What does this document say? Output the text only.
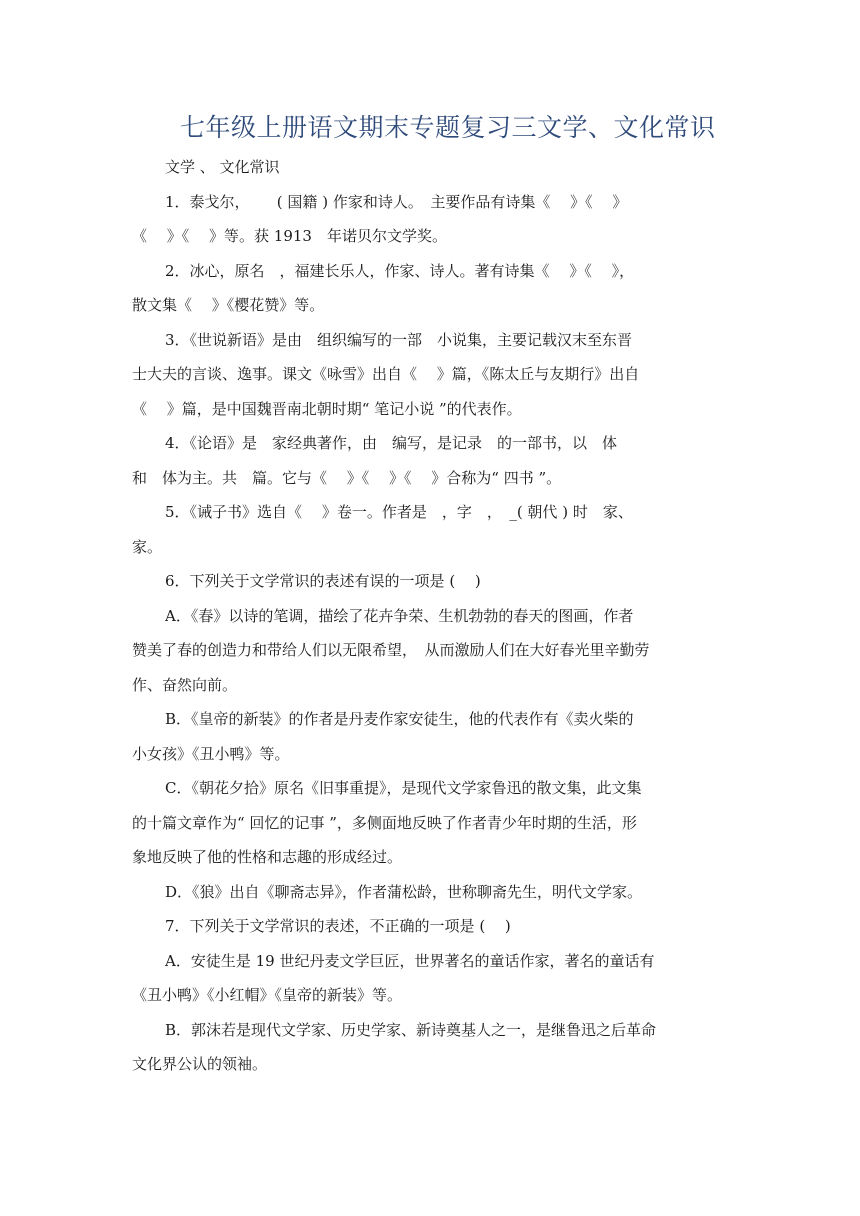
七年级上册语文期末专题复习三文学、文化常识
文学 、 文化常识
1．泰戈尔，　　 ( 国籍 ) 作家和诗人。　主要作品有诗集《　 》《　 》
《　 》《　 》等。获 1913　年诺贝尔文学奖。
2．冰心，原名　，福建长乐人，作家、诗人。著有诗集《　 》《　 》，
散文集《　 》《樱花赞》等。
3．《世说新语》是由　组织编写的一部　小说集，主要记载汉末至东晋
士大夫的言谈、逸事。课文《咏雪》出自《　 》篇，《陈太丘与友期行》出自
《　 》篇，是中国魏晋南北朝时期“ 笔记小说 ”的代表作。
4．《论语》是　家经典著作，由　编写，是记录　的一部书，以　体
和　体为主。共　篇。它与《　 》《　 》《　 》合称为“ 四书 ”。
5．《诫子书》选自《　 》卷一。作者是　，字　，　_( 朝代 ) 时　家、
家。
6．下列关于文学常识的表述有误的一项是 (　 )
A．《春》以诗的笔调，描绘了花卉争荣、生机勃勃的春天的图画，作者
赞美了春的创造力和带给人们以无限希望，　从而激励人们在大好春光里辛勤劳
作、奋然向前。
B．《皇帝的新装》的作者是丹麦作家安徒生，他的代表作有《卖火柴的
小女孩》《丑小鸭》等。
C．《朝花夕拾》原名《旧事重提》，是现代文学家鲁迅的散文集，此文集
的十篇文章作为“ 回忆的记事 ”，多侧面地反映了作者青少年时期的生活，形
象地反映了他的性格和志趣的形成经过。
D．《狼》出自《聊斋志异》，作者蒲松龄，世称聊斋先生，明代文学家。
7．下列关于文学常识的表述，不正确的一项是 (　 )
A．安徒生是 19 世纪丹麦文学巨匠，世界著名的童话作家，著名的童话有
《丑小鸭》《小红帽》《皇帝的新装》等。
B．郭沫若是现代文学家、历史学家、新诗奠基人之一，是继鲁迅之后革命
文化界公认的领袖。
